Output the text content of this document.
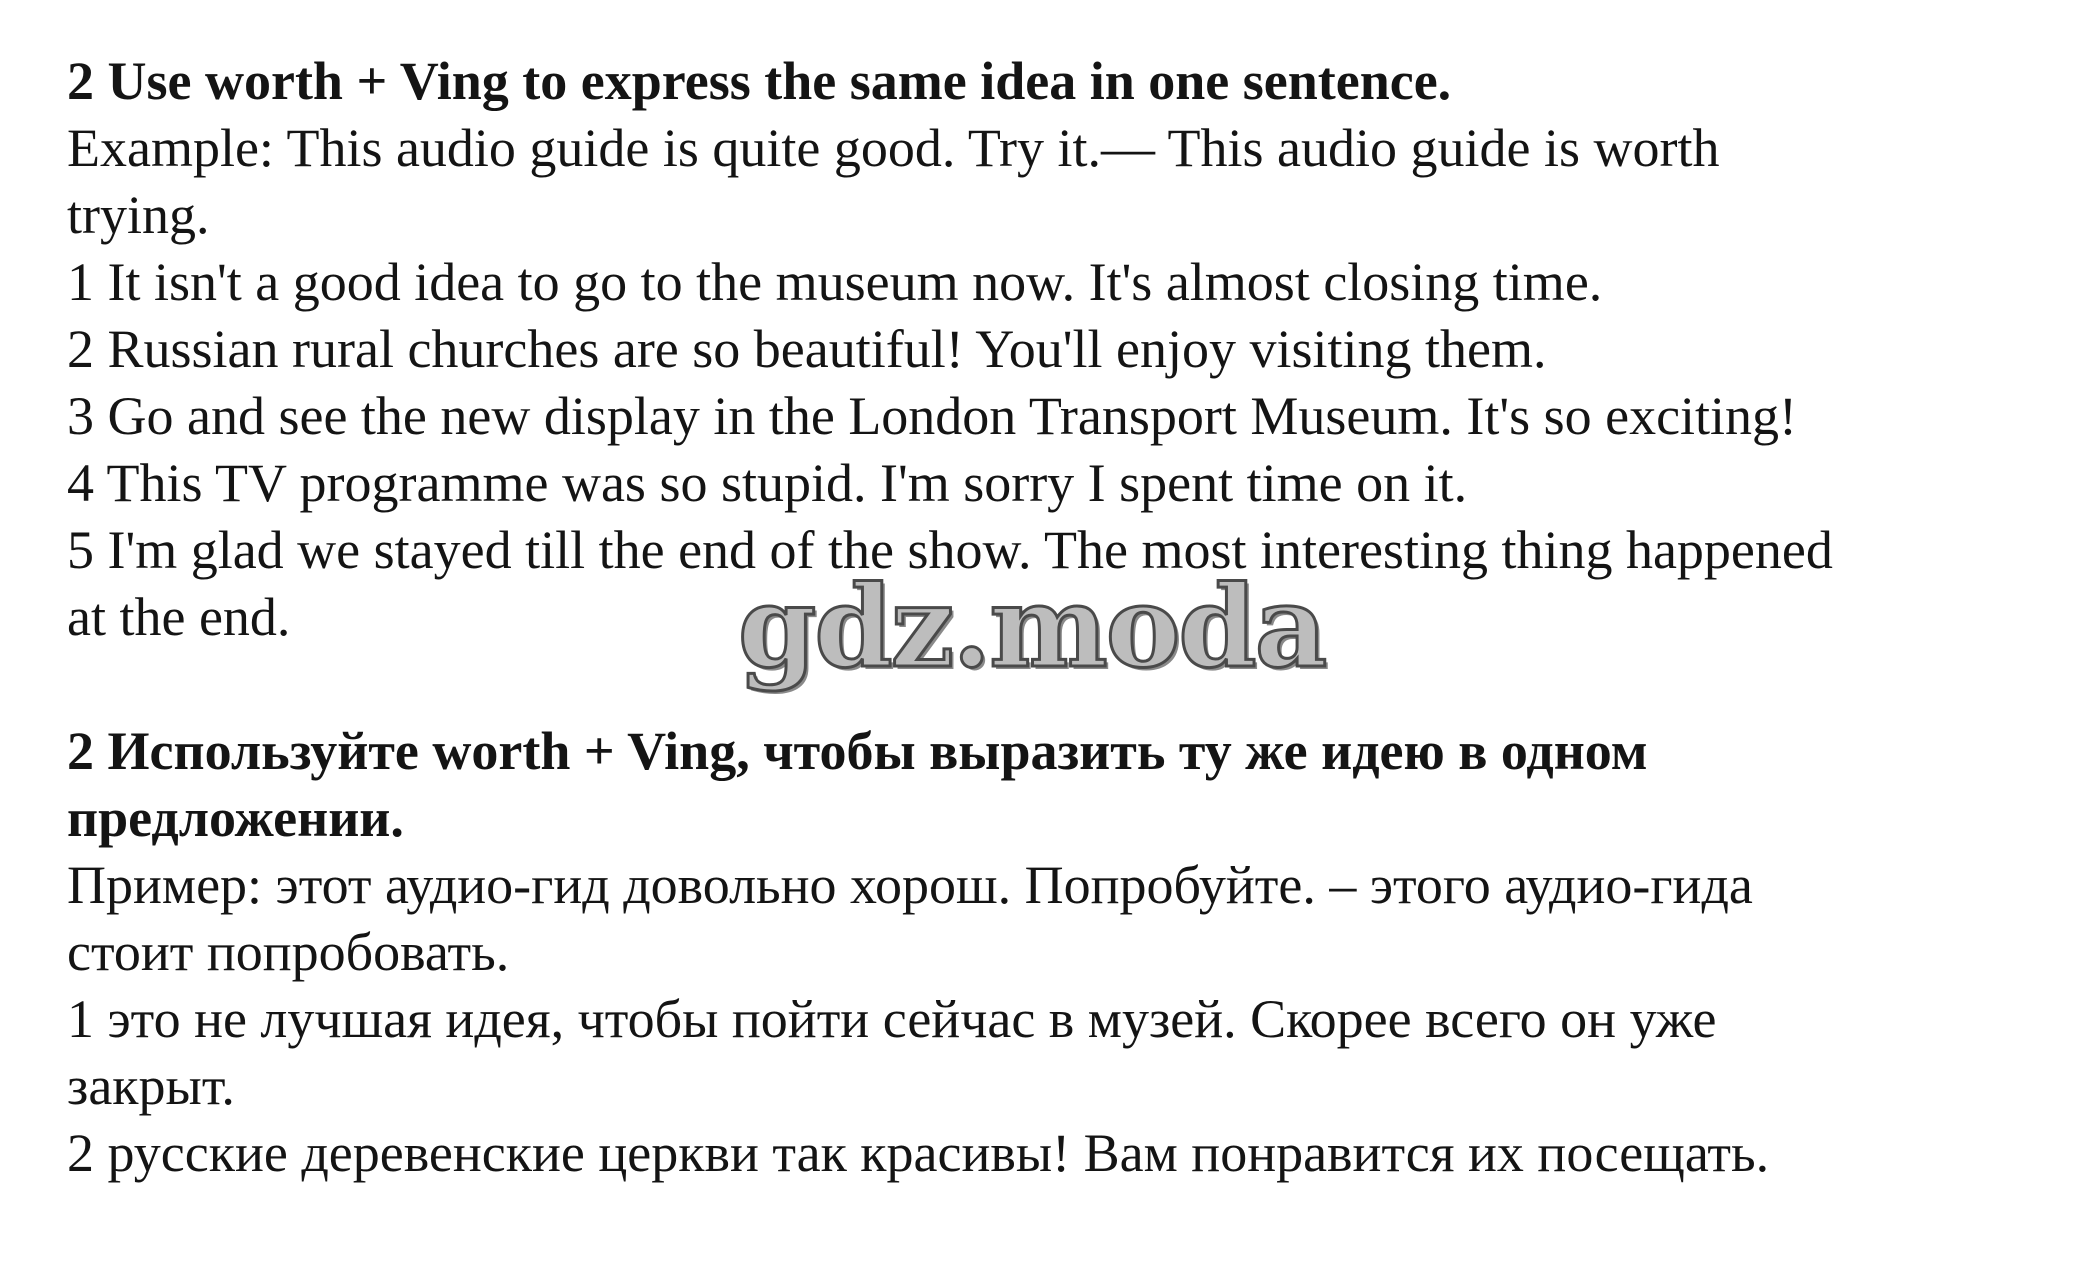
2 Use worth + Ving to express the same idea in one sentence.
Example: This audio guide is quite good. Try it.— This audio guide is worth
trying.
1 It isn't a good idea to go to the museum now. It's almost closing time.
2 Russian rural churches are so beautiful! You'll enjoy visiting them.
3 Go and see the new display in the London Transport Museum. It's so exciting!
4 This TV programme was so stupid. I'm sorry I spent time on it.
5 I'm glad we stayed till the end of the show. The most interesting thing happened
at the end.
2 Используйте worth + Ving, чтобы выразить ту же идею в одном
предложении.
Пример: этот аудио-гид довольно хорош. Попробуйте. – этого аудио-гида
стоит попробовать.
1 это не лучшая идея, чтобы пойти сейчас в музей. Скорее всего он уже
закрыт.
2 русские деревенские церкви так красивы! Вам понравится их посещать.
gdz.moda
